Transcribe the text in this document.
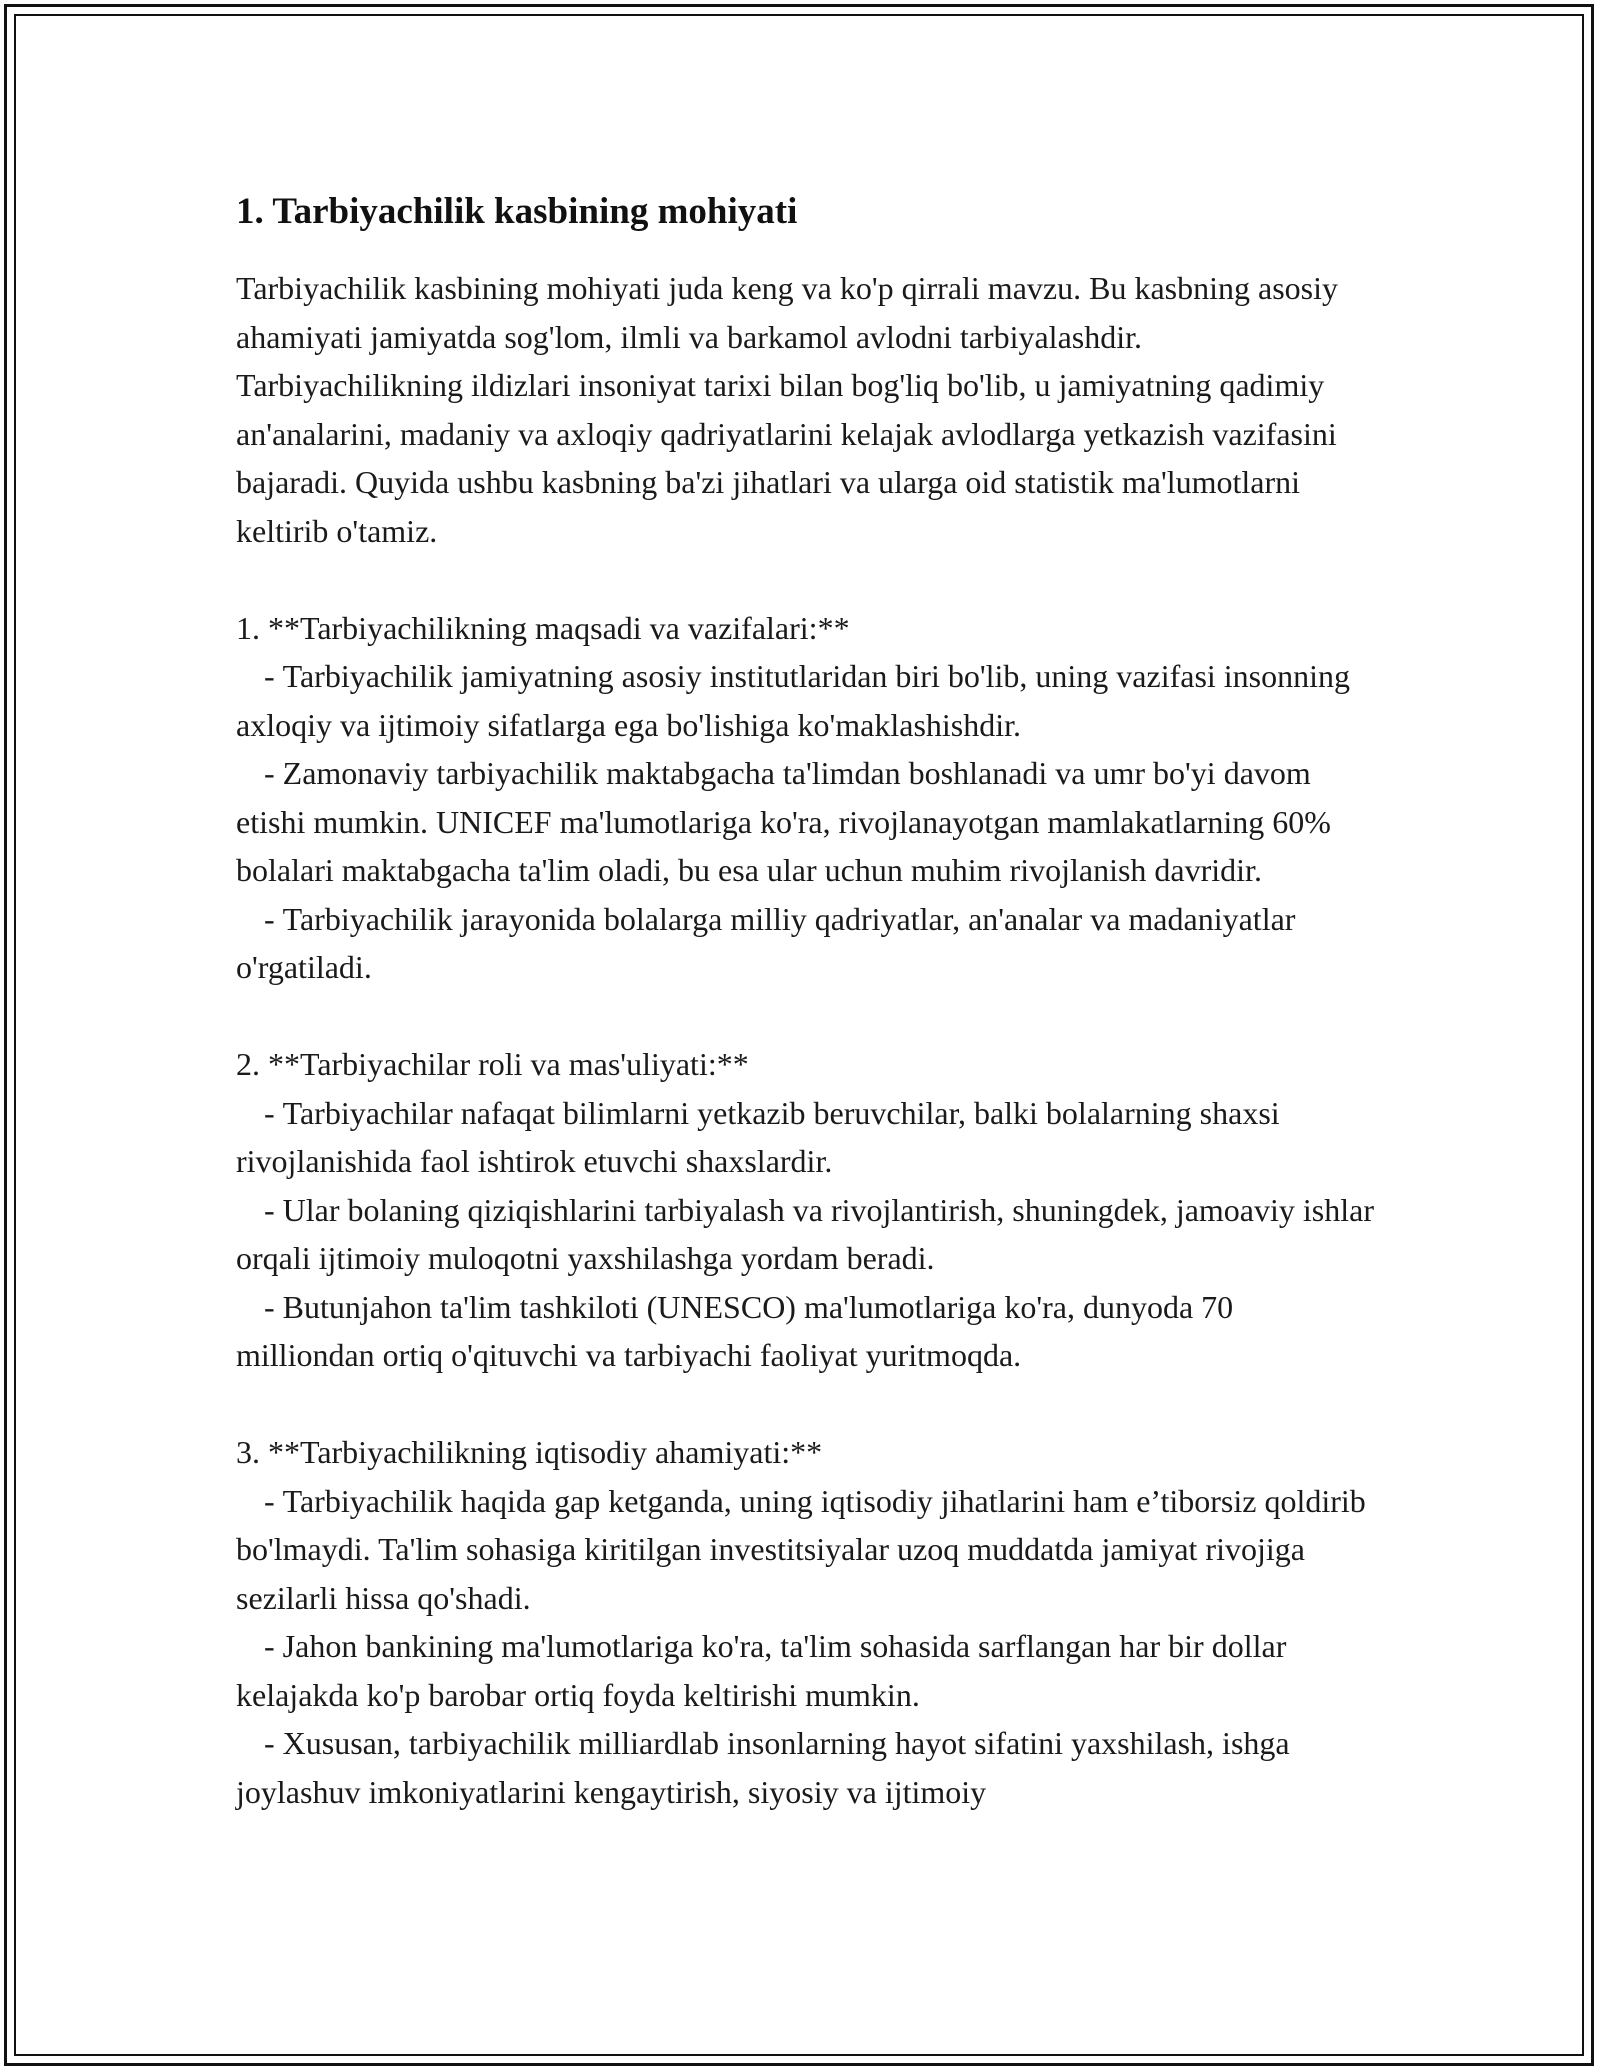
1. Tarbiyachilik kasbining mohiyati

Tarbiyachilik kasbining mohiyati juda keng va ko'p qirrali mavzu. Bu kasbning asosiy ahamiyati jamiyatda sog'lom, ilmli va barkamol avlodni tarbiyalashdir. Tarbiyachilikning ildizlari insoniyat tarixi bilan bog'liq bo'lib, u jamiyatning qadimiy an'analarini, madaniy va axloqiy qadriyatlarini kelajak avlodlarga yetkazish vazifasini bajaradi. Quyida ushbu kasbning ba'zi jihatlari va ularga oid statistik ma'lumotlarni keltirib o'tamiz.

1. **Tarbiyachilikning maqsadi va vazifalari:**

- Tarbiyachilik jamiyatning asosiy institutlaridan biri bo'lib, uning vazifasi insonning axloqiy va ijtimoiy sifatlarga ega bo'lishiga ko'maklashishdir.

- Zamonaviy tarbiyachilik maktabgacha ta'limdan boshlanadi va umr bo'yi davom etishi mumkin. UNICEF ma'lumotlariga ko'ra, rivojlanayotgan mamlakatlarning 60% bolalari maktabgacha ta'lim oladi, bu esa ular uchun muhim rivojlanish davridir.

- Tarbiyachilik jarayonida bolalarga milliy qadriyatlar, an'analar va madaniyatlar o'rgatiladi.

2. **Tarbiyachilar roli va mas'uliyati:**

- Tarbiyachilar nafaqat bilimlarni yetkazib beruvchilar, balki bolalarning shaxsi rivojlanishida faol ishtirok etuvchi shaxslardir.

- Ular bolaning qiziqishlarini tarbiyalash va rivojlantirish, shuningdek, jamoaviy ishlar orqali ijtimoiy muloqotni yaxshilashga yordam beradi.

- Butunjahon ta'lim tashkiloti (UNESCO) ma'lumotlariga ko'ra, dunyoda 70 milliondan ortiq o'qituvchi va tarbiyachi faoliyat yuritmoqda.

3. **Tarbiyachilikning iqtisodiy ahamiyati:**

- Tarbiyachilik haqida gap ketganda, uning iqtisodiy jihatlarini ham e’tiborsiz qoldirib bo'lmaydi. Ta'lim sohasiga kiritilgan investitsiyalar uzoq muddatda jamiyat rivojiga sezilarli hissa qo'shadi.

- Jahon bankining ma'lumotlariga ko'ra, ta'lim sohasida sarflangan har bir dollar kelajakda ko'p barobar ortiq foyda keltirishi mumkin.

- Xususan, tarbiyachilik milliardlab insonlarning hayot sifatini yaxshilash, ishga joylashuv imkoniyatlarini kengaytirish, siyosiy va ijtimoiy
